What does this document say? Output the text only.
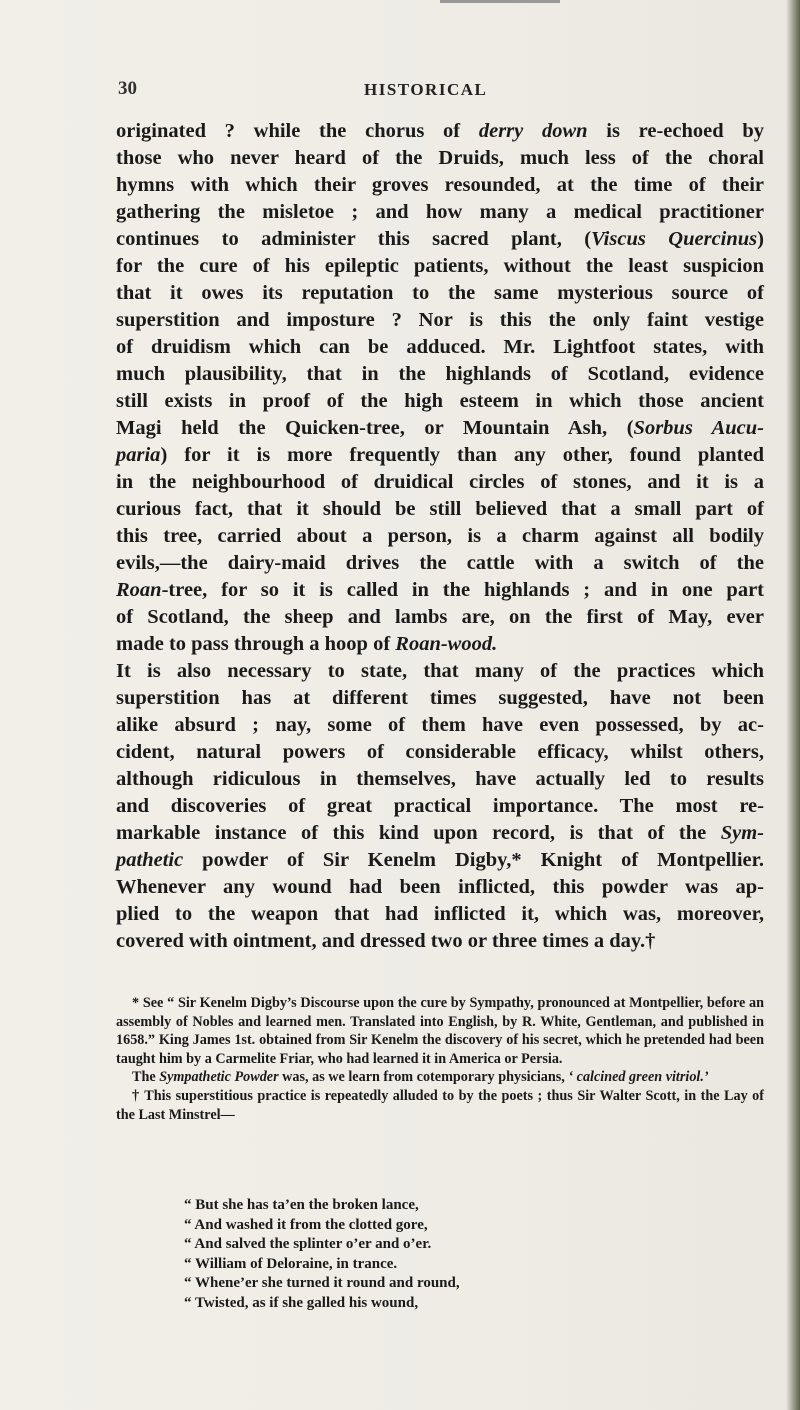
30	HISTORICAL

originated ? while the chorus of derry down is re-echoed by

those who never heard of the Druids, much less of the choral

hymns with which their groves resounded, at the time of their

gathering the misletoe ; and how many a medical practitioner

continues to administer this sacred plant, (Viscus Quercinus)

for the cure of his epileptic patients, without the least suspicion

that it owes its reputation to the same mysterious source of

superstition and imposture ? Nor is this the only faint vestige

of druidism which can be adduced. Mr. Lightfoot states, with

much plausibility, that in the highlands of Scotland, evidence

still exists in proof of the high esteem in which those ancient

Magi held the Quicken-tree, or Mountain Ash, (Sorbus Aucu-

paria) for it is more frequently than any other, found planted

in the neighbourhood of druidical circles of stones, and it is a

curious fact, that it should be still believed that a small part of

this tree, carried about a person, is a charm against all bodily

evils,—the dairy-maid drives the cattle with a switch of the

Roan-tree, for so it is called in the highlands ; and in one part

of Scotland, the sheep and lambs are, on the first of May, ever

made to pass through a hoop of Roan-wood.

It is also necessary to state, that many of the practices which

superstition has at different times suggested, have not been

alike absurd ; nay, some of them have even possessed, by ac-

cident, natural powers of considerable efficacy, whilst others,

although ridiculous in themselves, have actually led to results

and discoveries of great practical importance. The most re-

markable instance of this kind upon record, is that of the Sym-

pathetic powder of Sir Kenelm Digby,* Knight of Montpellier.

Whenever any wound had been inflicted, this powder was ap-

plied to the weapon that had inflicted it, which was, moreover,

covered with ointment, and dressed two or three times a day.†

* See “ Sir Kenelm Digby’s Discourse upon the cure by Sympathy, pronounced at Montpellier, before an assembly of Nobles and learned men. Translated into English, by R. White, Gentleman, and published in 1658.” King James 1st. obtained from Sir Kenelm the discovery of his secret, which he pretended had been taught him by a Carmelite Friar, who had learned it in America or Persia.

The Sympathetic Powder was, as we learn from cotemporary physicians, ‘ calcined green vitriol.’

† This superstitious practice is repeatedly alluded to by the poets ; thus Sir Walter Scott, in the Lay of the Last Minstrel—

“ But she has ta’en the broken lance,
“ And washed it from the clotted gore,
“ And salved the splinter o’er and o’er.
“ William of Deloraine, in trance.
“ Whene’er she turned it round and round,
“ Twisted, as if she galled his wound,
